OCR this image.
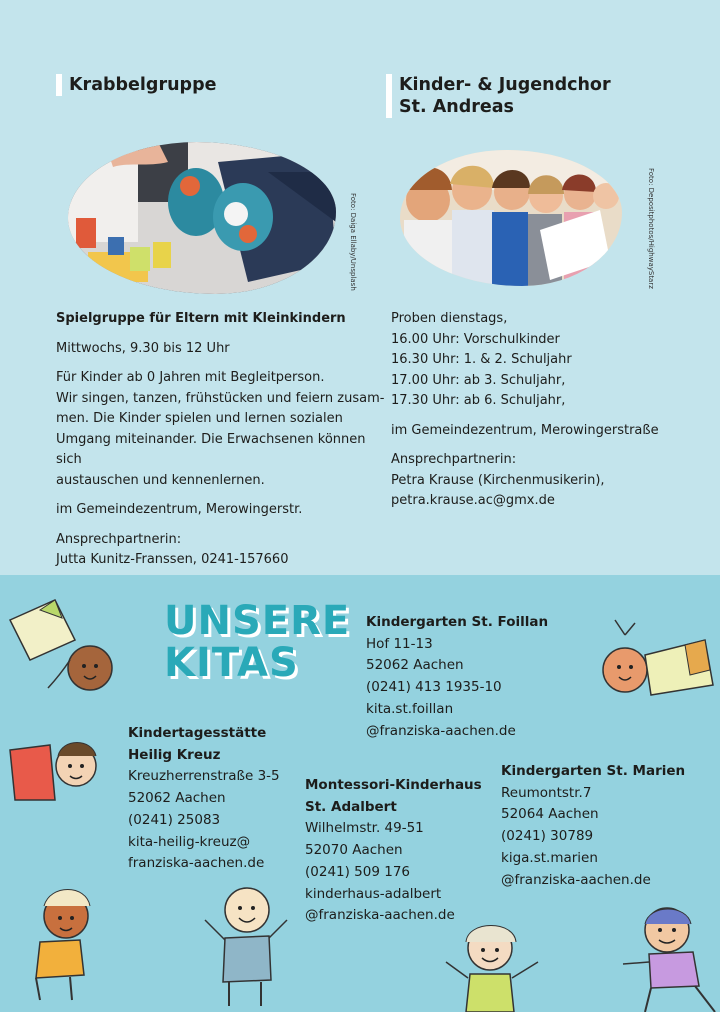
Krabbelgruppe
Foto: Daiga Ellaby/Unsplash

Spielgruppe für Eltern mit Kleinkindern

Mittwochs, 9.30 bis 12 Uhr

Für Kinder ab 0 Jahren mit Begleitperson.

Wir singen, tanzen, frühstücken und feiern zusam-

men. Die Kinder spielen und lernen sozialen

Umgang miteinander. Die Erwachsenen können sich

austauschen und kennenlernen.

im Gemeindezentrum, Merowingerstr.

Ansprechpartnerin:

Jutta Kunitz-Franssen, 0241-157660

Kinder- & Jugendchor
St. Andreas
Foto: Depositphotos/HighwayStarz

Proben dienstags,

16.00 Uhr: Vorschulkinder

16.30 Uhr: 1. & 2. Schuljahr

17.00 Uhr: ab 3. Schuljahr,

17.30 Uhr: ab 6. Schuljahr,

im Gemeindezentrum, Merowingerstraße

Ansprechpartnerin:

Petra Krause (Kirchenmusikerin),

petra.krause.ac@gmx.de

UNSERE
KITAS
Kindergarten St. Foillan
Hof 11-13
52062 Aachen
(0241) 413 1935-10
kita.st.foillan
@franziska-aachen.de
Kindertagesstätte
Heilig Kreuz
Kreuzherrenstraße 3-5
52062 Aachen
(0241) 25083
kita-heilig-kreuz@
franziska-aachen.de
Montessori-Kinderhaus
St. Adalbert
Wilhelmstr. 49-51
52070 Aachen
(0241) 509 176
kinderhaus-adalbert
@franziska-aachen.de
Kindergarten St. Marien
Reumontstr.7
52064 Aachen
(0241) 30789
kiga.st.marien
@franziska-aachen.de
